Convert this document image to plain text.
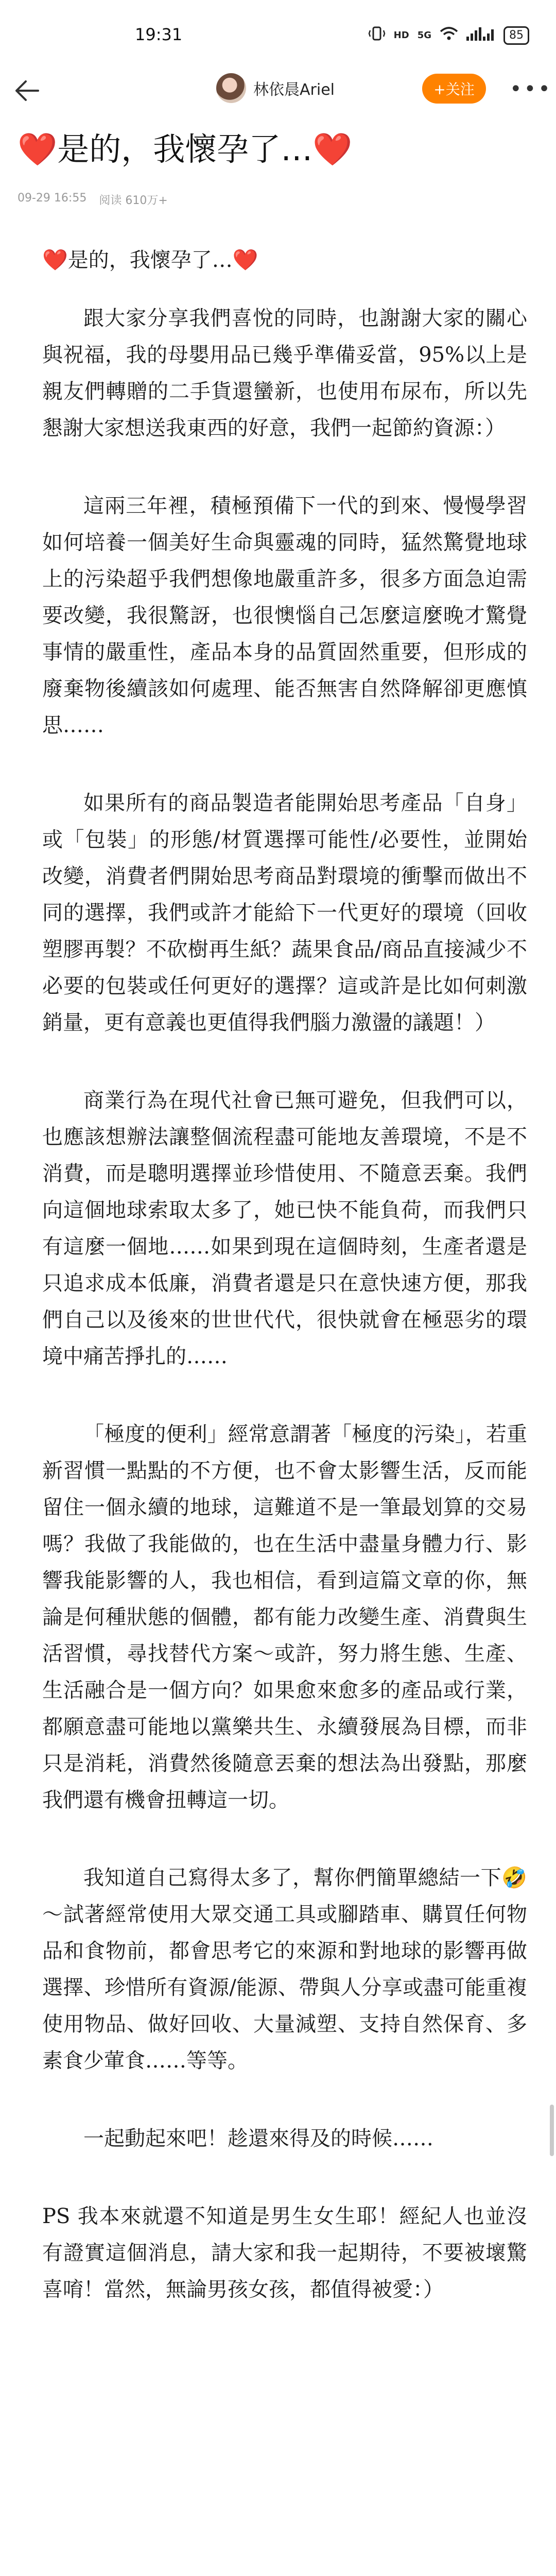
19:31	HD 5G	85
林依晨Ariel	+关注	•••
❤️是的，我懷孕了…❤️
09-29 16:55 阅读 610万+

❤️是的，我懷孕了…❤️

跟大家分享我們喜悅的同時，也謝謝大家的關心與祝福，我的母嬰用品已幾乎準備妥當，95%以上是親友們轉贈的二手貨還蠻新，也使用布尿布，所以先懇謝大家想送我東西的好意，我們一起節約資源：）

這兩三年裡，積極預備下一代的到來、慢慢學習如何培養一個美好生命與靈魂的同時，猛然驚覺地球上的污染超乎我們想像地嚴重許多，很多方面急迫需要改變，我很驚訝，也很懊惱自己怎麼這麼晚才驚覺事情的嚴重性，產品本身的品質固然重要，但形成的廢棄物後續該如何處理、能否無害自然降解卻更應慎思……

如果所有的商品製造者能開始思考產品「自身」或「包裝」的形態/材質選擇可能性/必要性，並開始改變，消費者們開始思考商品對環境的衝擊而做出不同的選擇，我們或許才能給下一代更好的環境（回收塑膠再製？不砍樹再生紙？蔬果食品/商品直接減少不必要的包裝或任何更好的選擇？這或許是比如何刺激銷量，更有意義也更值得我們腦力激盪的議題！）

商業行為在現代社會已無可避免，但我們可以，也應該想辦法讓整個流程盡可能地友善環境，不是不消費，而是聰明選擇並珍惜使用、不隨意丟棄。我們向這個地球索取太多了，她已快不能負荷，而我們只有這麼一個地……如果到現在這個時刻，生產者還是只追求成本低廉，消費者還是只在意快速方便，那我們自己以及後來的世世代代，很快就會在極惡劣的環境中痛苦掙扎的……

「極度的便利」經常意謂著「極度的污染」，若重新習慣一點點的不方便，也不會太影響生活，反而能留住一個永續的地球，這難道不是一筆最划算的交易嗎？我做了我能做的，也在生活中盡量身體力行、影響我能影響的人，我也相信，看到這篇文章的你，無論是何種狀態的個體，都有能力改變生產、消費與生活習慣，尋找替代方案～或許，努力將生態、生產、生活融合是一個方向？如果愈來愈多的產品或行業，都願意盡可能地以黨樂共生、永續發展為目標，而非只是消耗，消費然後隨意丟棄的想法為出發點，那麼我們還有機會扭轉這一切。

我知道自己寫得太多了，幫你們簡單總結一下🤣～試著經常使用大眾交通工具或腳踏車、購買任何物品和食物前，都會思考它的來源和對地球的影響再做選擇、珍惜所有資源/能源、帶與人分享或盡可能重複使用物品、做好回收、大量減塑、支持自然保育、多素食少葷食……等等。

一起動起來吧！趁還來得及的時候……

PS 我本來就還不知道是男生女生耶！經紀人也並沒有證實這個消息，請大家和我一起期待，不要被壞驚喜唷！當然，無論男孩女孩，都值得被愛：）
